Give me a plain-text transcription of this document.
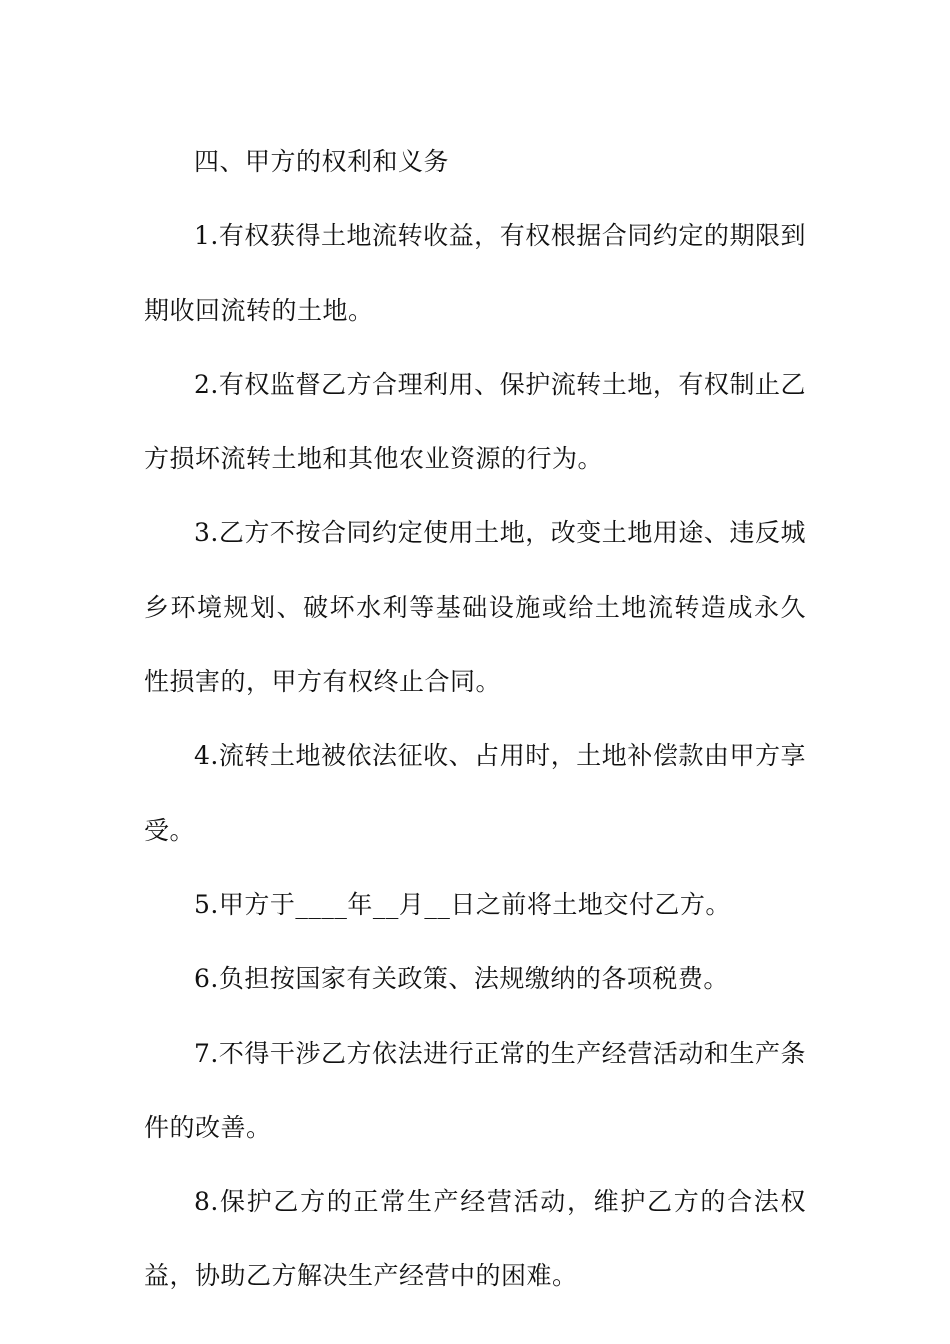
四、甲方的权利和义务

1.有权获得土地流转收益，有权根据合同约定的期限到期收回流转的土地。

2.有权监督乙方合理利用、保护流转土地，有权制止乙方损坏流转土地和其他农业资源的行为。

3.乙方不按合同约定使用土地，改变土地用途、违反城乡环境规划、破坏水利等基础设施或给土地流转造成永久性损害的，甲方有权终止合同。

4.流转土地被依法征收、占用时，土地补偿款由甲方享受。

5.甲方于____年__月__日之前将土地交付乙方。

6.负担按国家有关政策、法规缴纳的各项税费。

7.不得干涉乙方依法进行正常的生产经营活动和生产条件的改善。

8.保护乙方的正常生产经营活动，维护乙方的合法权益，协助乙方解决生产经营中的困难。
